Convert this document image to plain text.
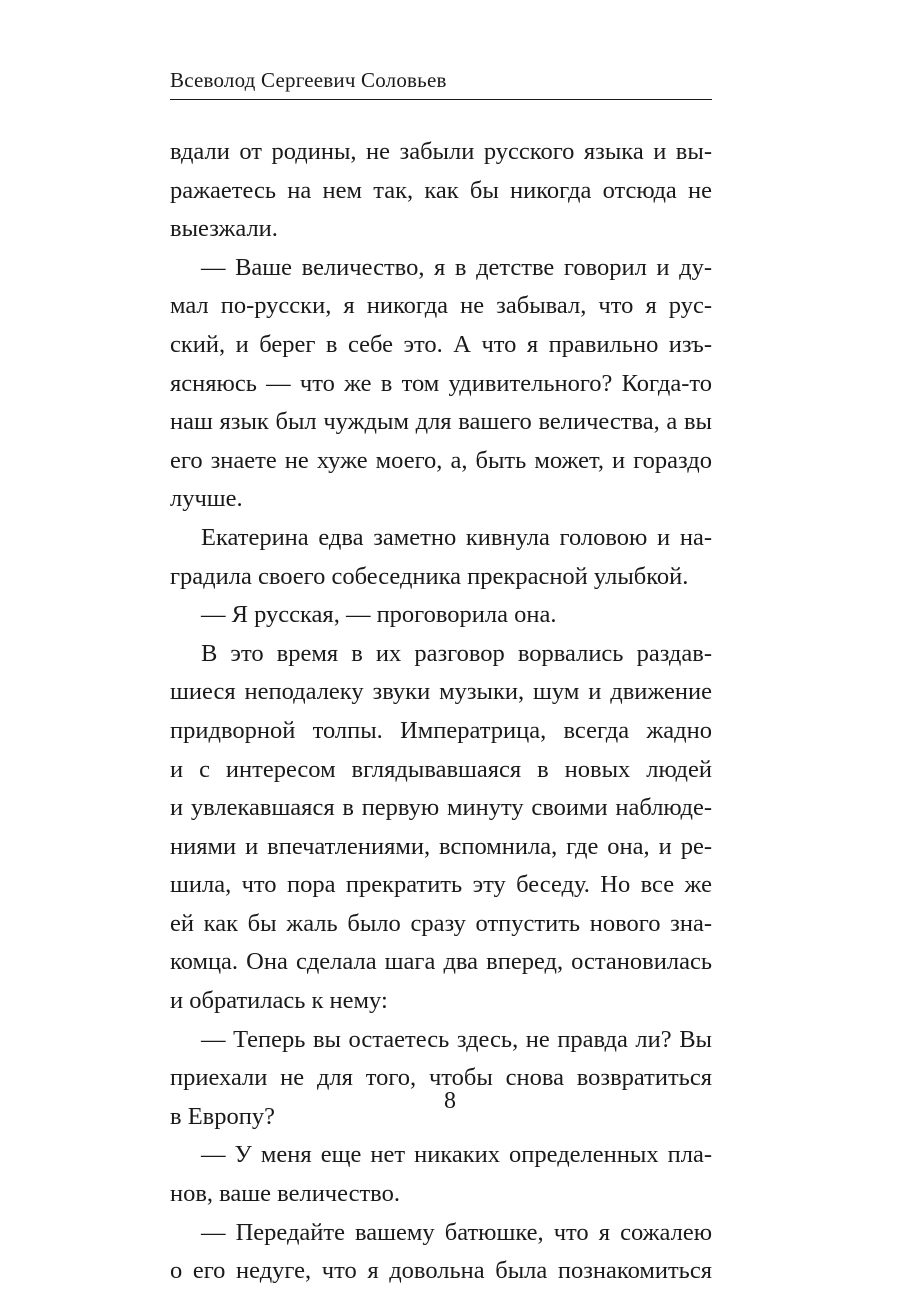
Всеволод Сергеевич Соловьев
вдали от родины, не забыли русского языка и вы-
ражаетесь на нем так, как бы никогда отсюда не
выезжали.
— Ваше величество, я в детстве говорил и ду-
мал по-русски, я никогда не забывал, что я рус-
ский, и берег в себе это. А что я правильно изъ-
ясняюсь — что же в том удивительного? Когда-то
наш язык был чуждым для вашего величества, а вы
его знаете не хуже моего, а, быть может, и гораздо
лучше.
Екатерина едва заметно кивнула головою и на-
градила своего собеседника прекрасной улыбкой.
— Я русская, — проговорила она.
В это время в их разговор ворвались раздав-
шиеся неподалеку звуки музыки, шум и движение
придворной толпы. Императрица, всегда жадно
и с интересом вглядывавшаяся в новых людей
и увлекавшаяся в первую минуту своими наблюде-
ниями и впечатлениями, вспомнила, где она, и ре-
шила, что пора прекратить эту беседу. Но все же
ей как бы жаль было сразу отпустить нового зна-
комца. Она сделала шага два вперед, остановилась
и обратилась к нему:
— Теперь вы остаетесь здесь, не правда ли? Вы
приехали не для того, чтобы снова возвратиться
в Европу?
— У меня еще нет никаких определенных пла-
нов, ваше величество.
— Передайте вашему батюшке, что я сожалею
о его недуге, что я довольна была познакомиться
8
